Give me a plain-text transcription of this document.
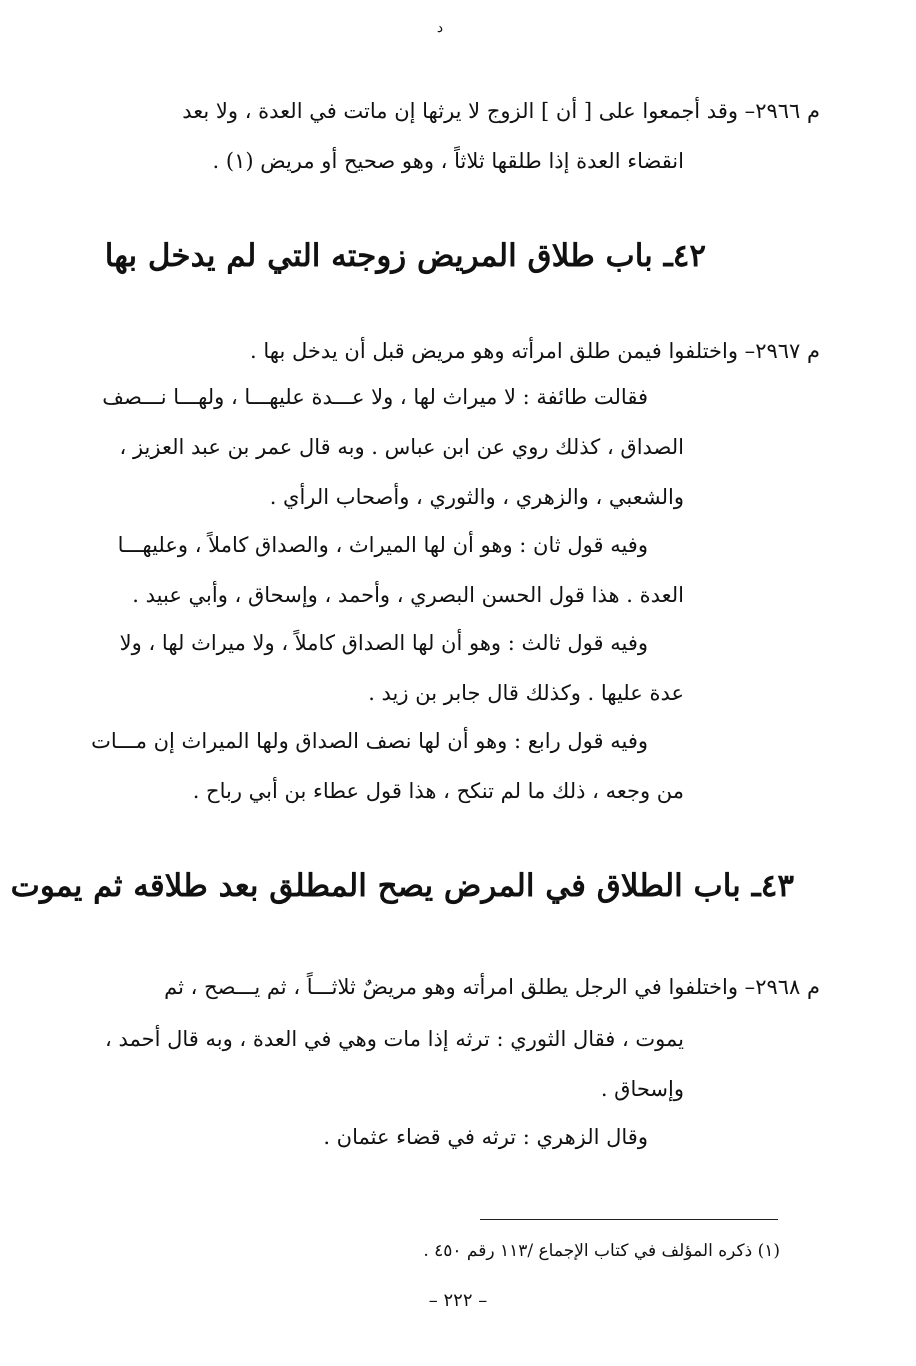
د
م ٢٩٦٦– وقد أجمعوا على [ أن ] الزوج لا يرثها إن ماتت في العدة ، ولا بعد
انقضاء العدة إذا طلقها ثلاثاً ، وهو صحيح أو مريض (١) .
٤٢ـ باب طلاق المريض زوجته التي لم يدخل بها
م ٢٩٦٧– واختلفوا فيمن طلق امرأته وهو مريض قبل أن يدخل بها .
فقالت طائفة : لا ميراث لها ، ولا عـــدة عليهـــا ، ولهـــا نـــصف
الصداق ، كذلك روي عن ابن عباس . وبه قال عمر بن عبد العزيز ،
والشعبي ، والزهري ، والثوري ، وأصحاب الرأي .
وفيه قول ثان : وهو أن لها الميراث ، والصداق كاملاً ، وعليهـــا
العدة . هذا قول الحسن البصري ، وأحمد ، وإسحاق ، وأبي عبيد .
وفيه قول ثالث : وهو أن لها الصداق كاملاً ، ولا ميراث لها ، ولا
عدة عليها . وكذلك قال جابر بن زيد .
وفيه قول رابع : وهو أن لها نصف الصداق ولها الميراث إن مـــات
من وجعه ، ذلك ما لم تنكح ، هذا قول عطاء بن أبي رباح .
٤٣ـ باب الطلاق في المرض يصح المطلق بعد طلاقه ثم يموت
م ٢٩٦٨– واختلفوا في الرجل يطلق امرأته وهو مريضٌ ثلاثـــاً ، ثم يـــصح ، ثم
يموت ، فقال الثوري : ترثه إذا مات وهي في العدة ، وبه قال أحمد ،
وإسحاق .
وقال الزهري : ترثه في قضاء عثمان .
(١) ذكره المؤلف في كتاب الإجماع /١١٣ رقم ٤٥٠ .
– ٢٢٢ –
